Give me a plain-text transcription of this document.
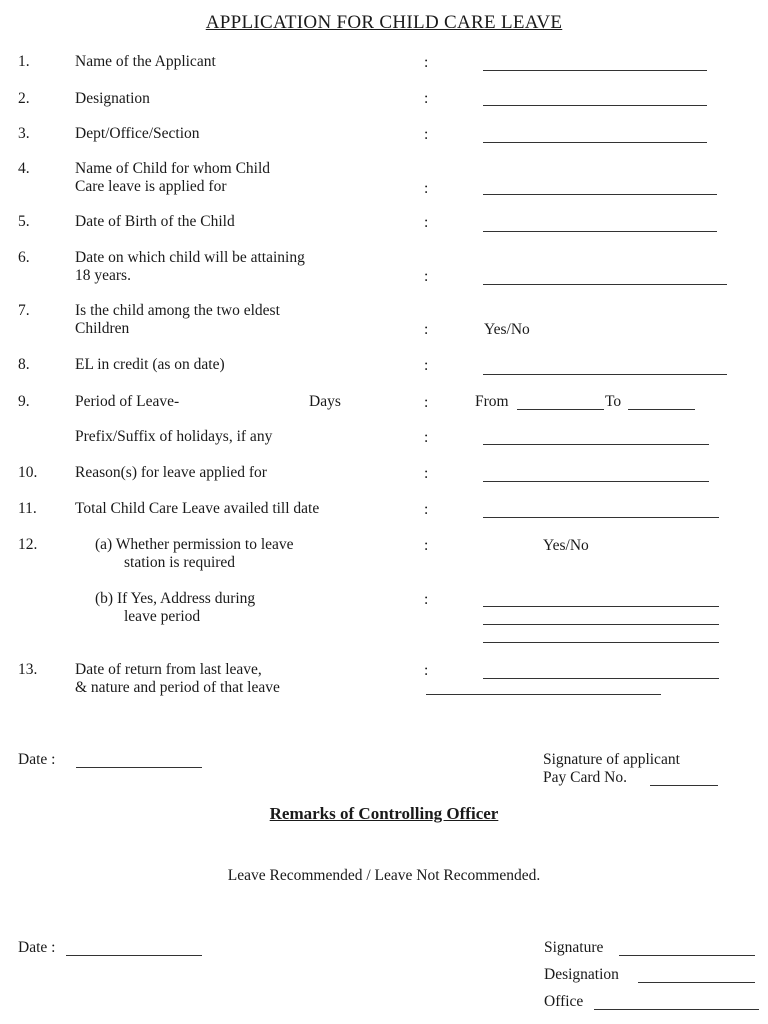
APPLICATION FOR CHILD CARE LEAVE
1.	Name of the Applicant	:
2.	Designation	:
3.	Dept/Office/Section	:
4.	Name of Child for whom Child
Care leave is applied for	:
5.	Date of Birth of the Child	:
6.	Date on which child will be attaining
18 years.	:
7.	Is the child among the two eldest
Children	:	Yes/No
8.	EL in credit (as on date)	:
9.	Period of Leave-	Days	:	From	To
Prefix/Suffix of holidays, if any	:
10. Reason(s) for leave applied for	:
11. Total Child Care Leave availed till date	:
12.	(a) Whether permission to leave
station is required
:	Yes/No
(b) If Yes, Address during
leave period
:
13. Date of return from last leave,
& nature and period of that leave
:
Date :	Signature of applicant
Pay Card No.
Remarks of Controlling Officer
Leave Recommended / Leave Not Recommended.
Date :	Signature
Designation
Office
